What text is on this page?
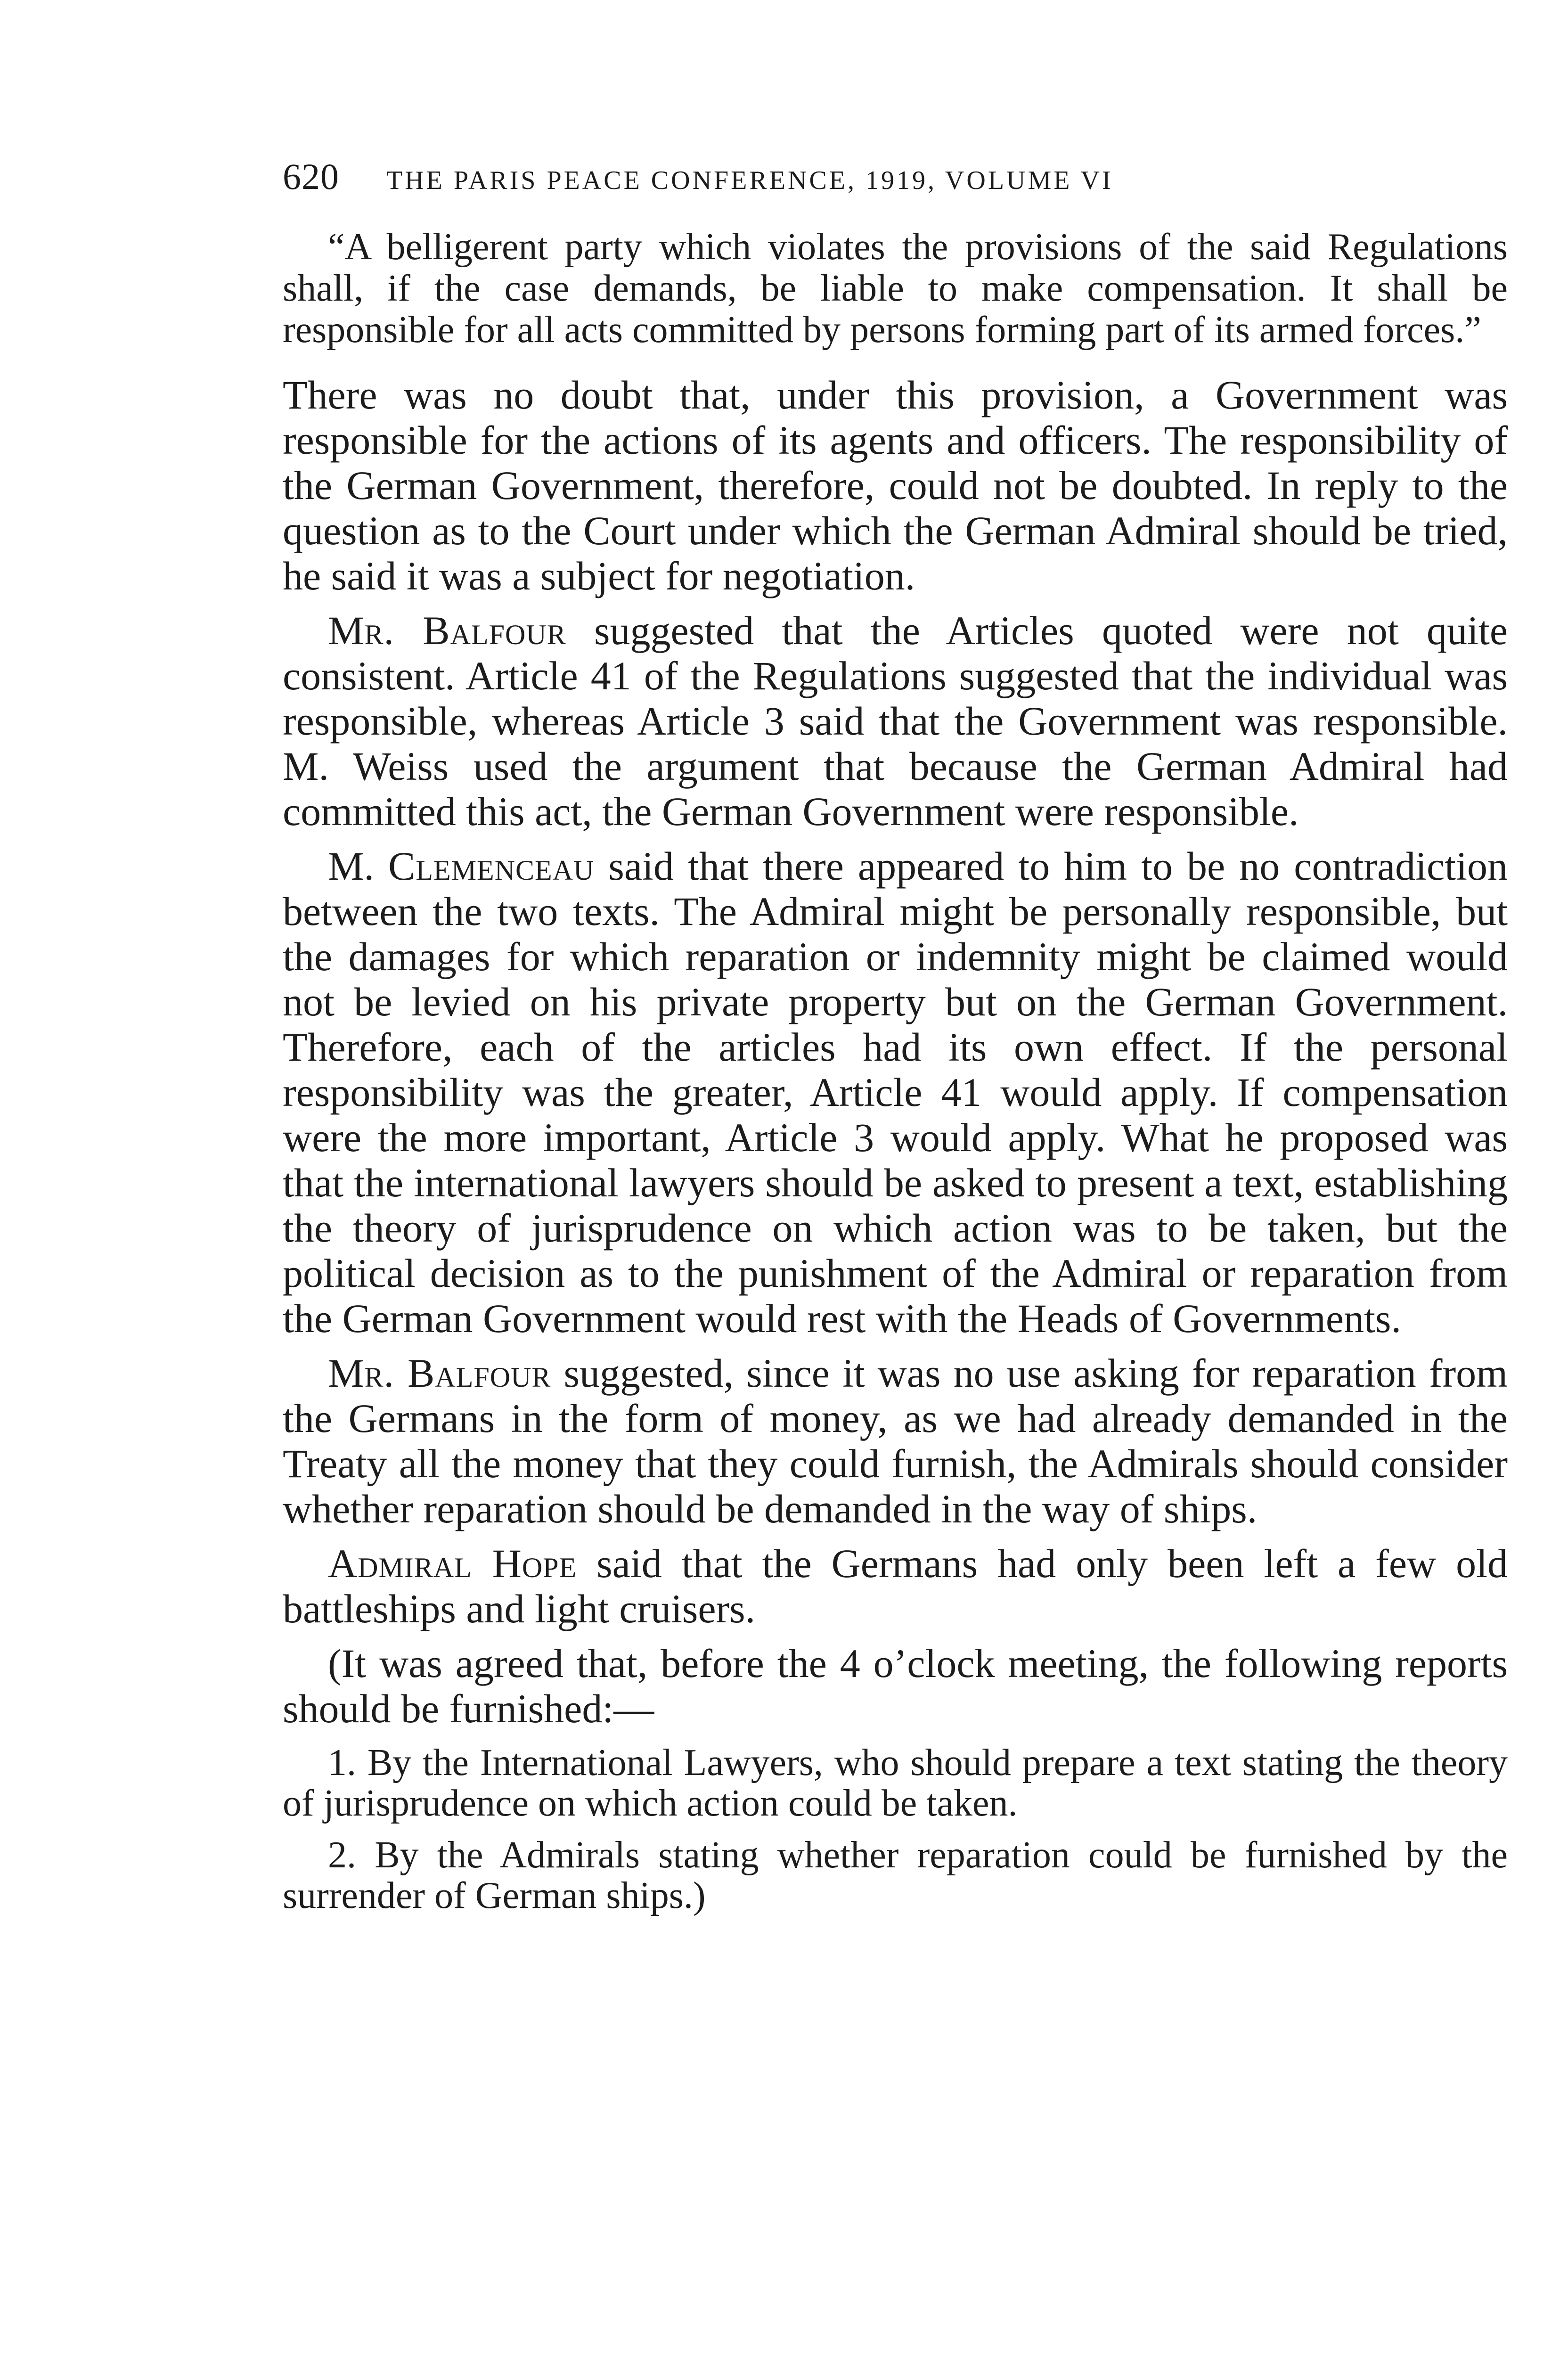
620 THE PARIS PEACE CONFERENCE, 1919, VOLUME VI

“A belligerent party which violates the provisions of the said Regulations shall, if the case demands, be liable to make compensation. It shall be responsible for all acts committed by persons forming part of its armed forces.”

There was no doubt that, under this provision, a Government was responsible for the actions of its agents and officers. The responsibility of the German Government, therefore, could not be doubted. In reply to the question as to the Court under which the German Admiral should be tried, he said it was a subject for negotiation.

Mr. Balfour suggested that the Articles quoted were not quite consistent. Article 41 of the Regulations suggested that the individual was responsible, whereas Article 3 said that the Government was responsible. M. Weiss used the argument that because the German Admiral had committed this act, the German Government were responsible.

M. Clemenceau said that there appeared to him to be no contradiction between the two texts. The Admiral might be personally responsible, but the damages for which reparation or indemnity might be claimed would not be levied on his private property but on the German Government. Therefore, each of the articles had its own effect. If the personal responsibility was the greater, Article 41 would apply. If compensation were the more important, Article 3 would apply. What he proposed was that the international lawyers should be asked to present a text, establishing the theory of jurisprudence on which action was to be taken, but the political decision as to the punishment of the Admiral or reparation from the German Government would rest with the Heads of Governments.

Mr. Balfour suggested, since it was no use asking for reparation from the Germans in the form of money, as we had already demanded in the Treaty all the money that they could furnish, the Admirals should consider whether reparation should be demanded in the way of ships.

Admiral Hope said that the Germans had only been left a few old battleships and light cruisers.

(It was agreed that, before the 4 o’clock meeting, the following reports should be furnished:—

1. By the International Lawyers, who should prepare a text stating the theory of jurisprudence on which action could be taken.

2. By the Admirals stating whether reparation could be furnished by the surrender of German ships.)
